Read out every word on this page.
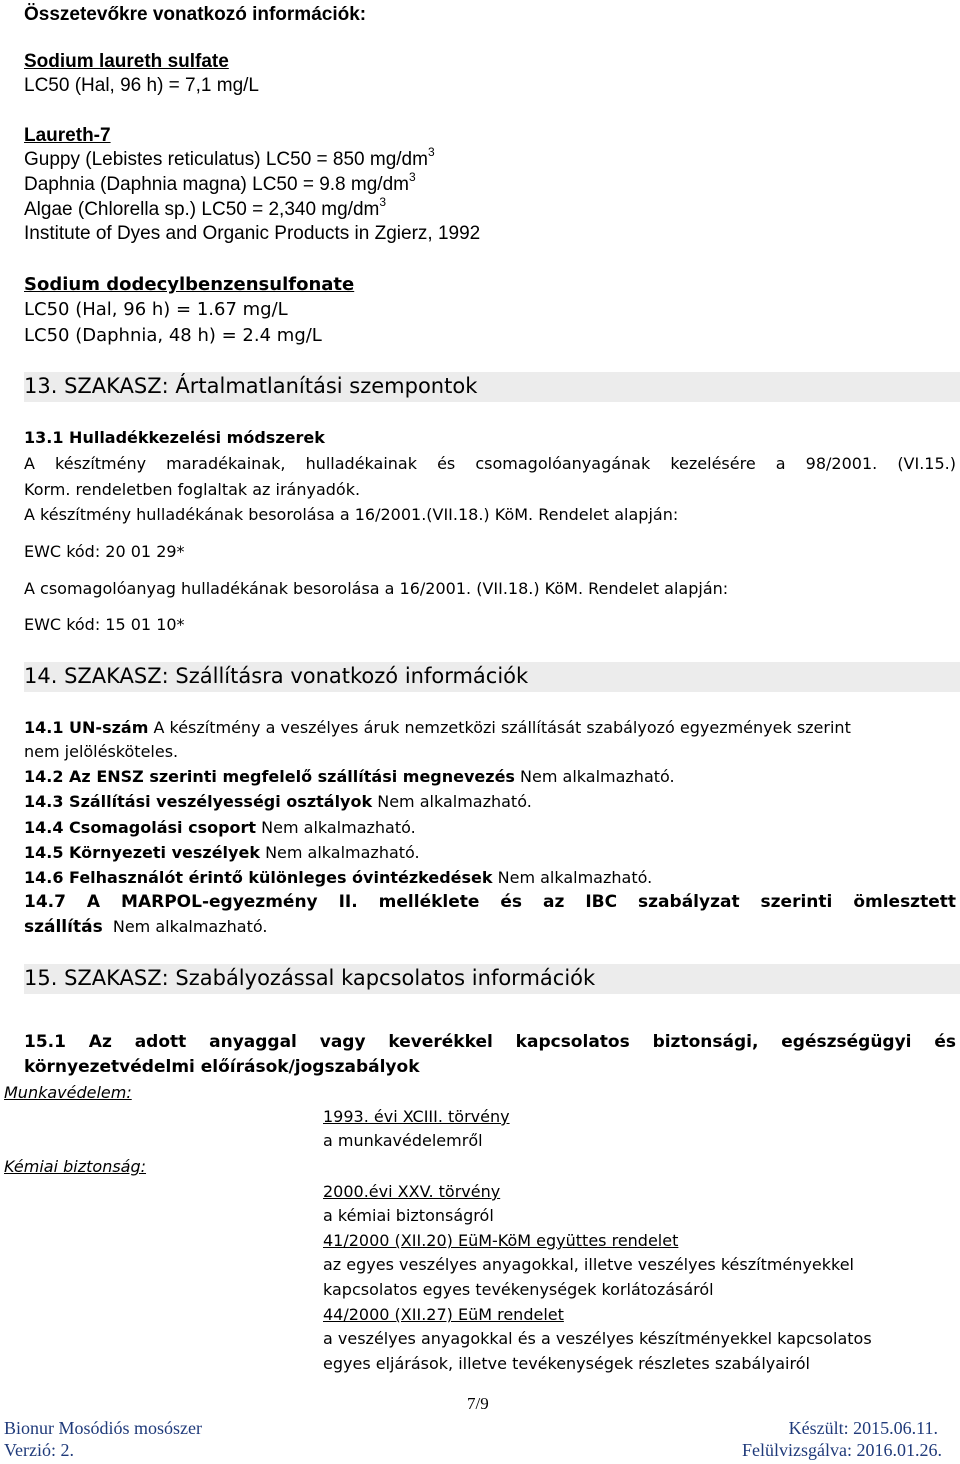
Összetevőkre vonatkozó információk:
Sodium laureth sulfate
LC50 (Hal, 96 h) = 7,1 mg/L
Laureth-7
Guppy (Lebistes reticulatus) LC50 = 850 $mg/dm^3$
Daphnia (Daphnia magna) LC50 = 9.8 $mg/dm^3$
Algae (Chlorella sp.) LC50 = 2,340 $mg/dm^3$
Institute of Dyes and Organic Products in Zgierz, 1992
Sodium dodecylbenzensulfonate
LC50 (Hal, 96 h) = 1.67 mg/L
LC50 (Daphnia, 48 h) = 2.4 mg/L
13. SZAKASZ: Ártalmatlanítási szempontok
13.1 Hulladékkezelési módszerek
A készítmény maradékainak, hulladékainak és csomagolóanyagának kezelésére a 98/2001. (VI.15.)
Korm. rendeletben foglaltak az irányadók.
A készítmény hulladékának besorolása a 16/2001.(VII.18.) KöM. Rendelet alapján:
EWC kód: 20 01 29*
A csomagolóanyag hulladékának besorolása a 16/2001. (VII.18.) KöM. Rendelet alapján:
EWC kód: 15 01 10*
14. SZAKASZ: Szállításra vonatkozó információk
14.1 UN-szám A készítmény a veszélyes áruk nemzetközi szállítását szabályozó egyezmények szerint
nem jelölésköteles.
14.2 Az ENSZ szerinti megfelelő szállítási megnevezés Nem alkalmazható.
14.3 Szállítási veszélyességi osztályok Nem alkalmazható.
14.4 Csomagolási csoport Nem alkalmazható.
14.5 Környezeti veszélyek Nem alkalmazható.
14.6 Felhasználót érintő különleges óvintézkedések Nem alkalmazható.
14.7 A MARPOL-egyezmény II. melléklete és az IBC szabályzat szerinti ömlesztett
szállítás Nem alkalmazható.
15. SZAKASZ: Szabályozással kapcsolatos információk
15.1 Az adott anyaggal vagy keverékkel kapcsolatos biztonsági, egészségügyi és
környezetvédelmi előírások/jogszabályok
Munkavédelem:
1993. évi XCIII. törvény
a munkavédelemről
Kémiai biztonság:
2000.évi XXV. törvény
a kémiai biztonságról
41/2000 (XII.20) EüM-KöM együttes rendelet
az egyes veszélyes anyagokkal, illetve veszélyes készítményekkel
kapcsolatos egyes tevékenységek korlátozásáról
44/2000 (XII.27) EüM rendelet
a veszélyes anyagokkal és a veszélyes készítményekkel kapcsolatos
egyes eljárások, illetve tevékenységek részletes szabályairól
7/9
Bionur Mosódiós mosószer
Verzió: 2.
Készült: 2015.06.11.
Felülvizsgálva: 2016.01.26.
